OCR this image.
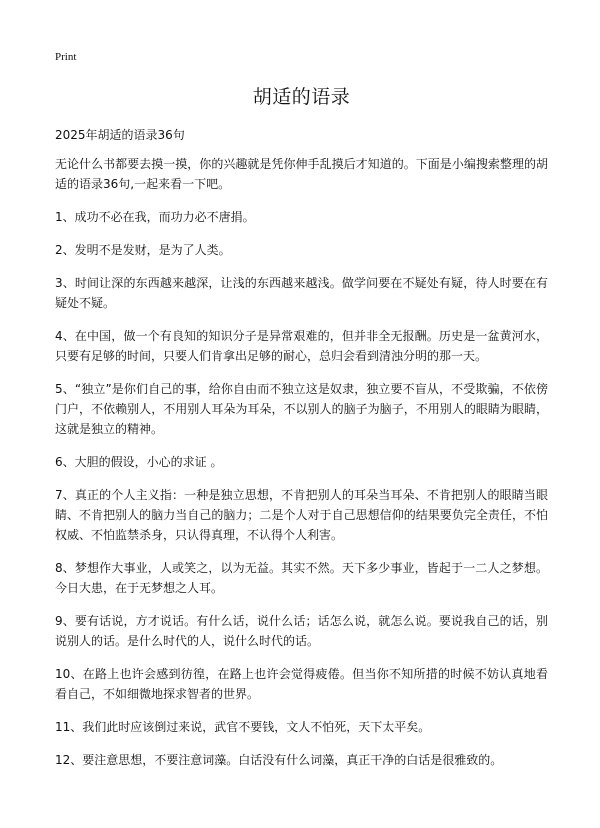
Print
胡适的语录
2025年胡适的语录36句

无论什么书都要去摸一摸，你的兴趣就是凭你伸手乱摸后才知道的。下面是小编搜索整理的胡适的语录36句,一起来看一下吧。

1、成功不必在我，而功力必不唐捐。

2、发明不是发财，是为了人类。

3、时间让深的东西越来越深，让浅的东西越来越浅。做学问要在不疑处有疑，待人时要在有疑处不疑。

4、在中国，做一个有良知的知识分子是异常艰难的，但并非全无报酬。历史是一盆黄河水，只要有足够的时间，只要人们肯拿出足够的耐心，总归会看到清浊分明的那一天。

5、“独立”是你们自己的事，给你自由而不独立这是奴隶，独立要不盲从，不受欺骗，不依傍门户，不依赖别人，不用别人耳朵为耳朵，不以别人的脑子为脑子，不用别人的眼睛为眼睛，这就是独立的精神。

6、大胆的假设，小心的求证 。

7、真正的个人主义指：一种是独立思想，不肯把别人的耳朵当耳朵、不肯把别人的眼睛当眼睛、不肯把别人的脑力当自己的脑力；二是个人对于自己思想信仰的结果要负完全责任，不怕权威、不怕监禁杀身，只认得真理，不认得个人利害。

8、梦想作大事业，人或笑之，以为无益。其实不然。天下多少事业，皆起于一二人之梦想。今日大患，在于无梦想之人耳。

9、要有话说，方才说话。有什么话，说什么话；话怎么说，就怎么说。要说我自己的话，别说别人的话。是什么时代的人，说什么时代的话。

10、在路上也许会感到彷徨，在路上也许会觉得疲倦。但当你不知所措的时候不妨认真地看看自己，不如细微地探求智者的世界。

11、我们此时应该倒过来说，武官不要钱，文人不怕死，天下太平矣。

12、要注意思想，不要注意词藻。白话没有什么词藻，真正干净的白话是很雅致的。
